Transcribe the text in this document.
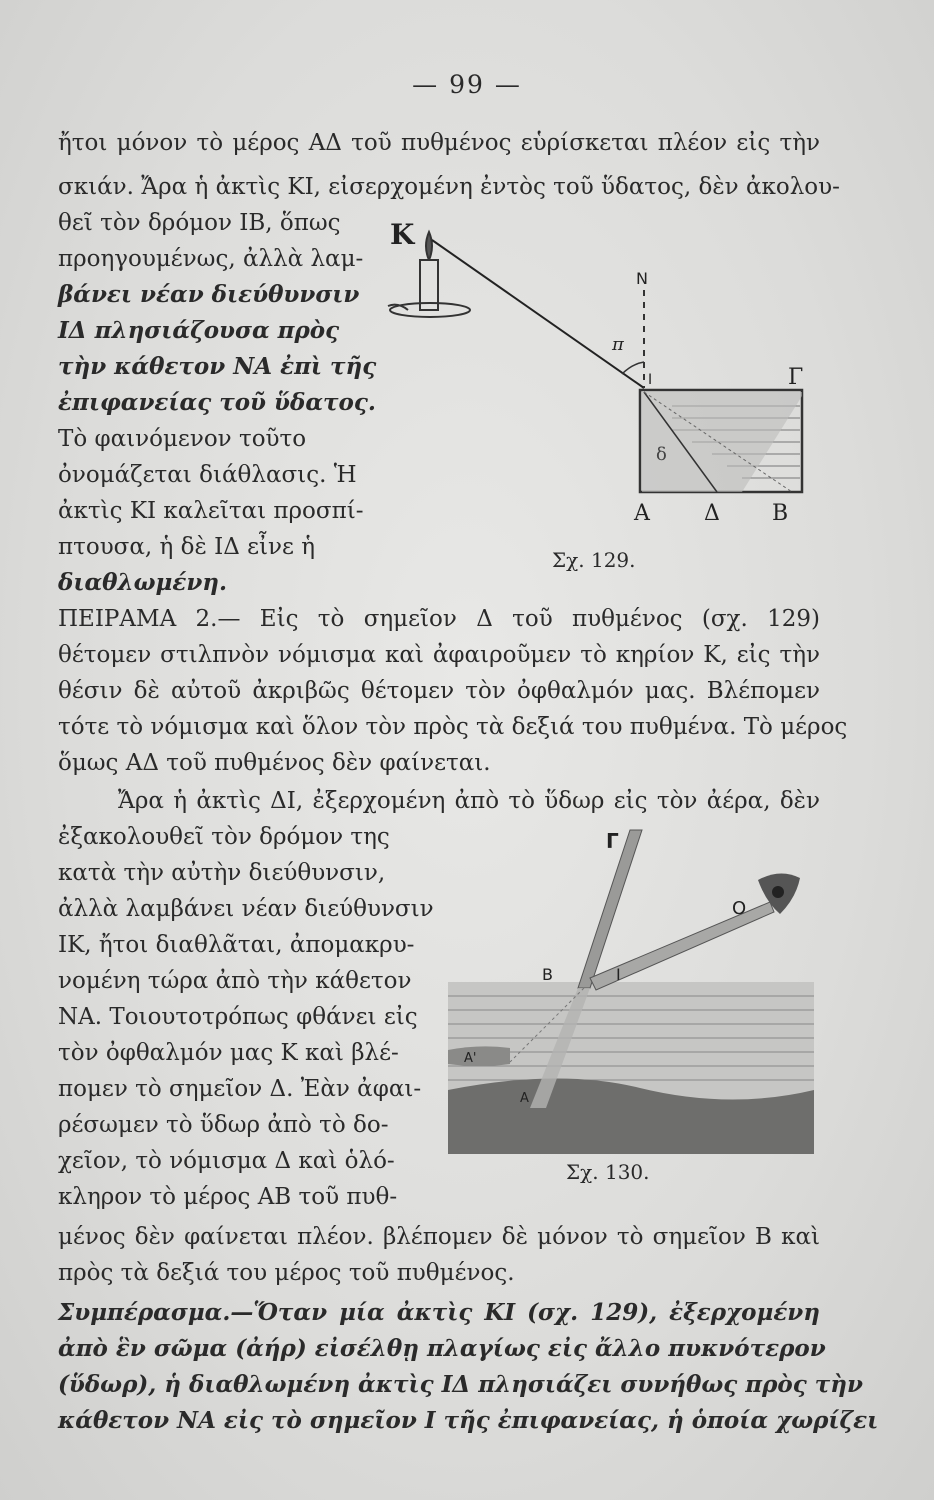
— 99 —
ἤτοι μόνον τὸ μέρος ΑΔ τοῦ πυθμένος εὑρίσκεται πλέον εἰς τὴν
σκιάν. Ἄρα ἡ ἀκτὶς ΚΙ, εἰσερχομένη ἐντὸς τοῦ ὕδατος, δὲν ἀκολου-
θεῖ τὸν δρόμον ΙΒ, ὅπως
προηγουμένως, ἀλλὰ λαμ-
βάνει νέαν διεύθυνσιν
ΙΔ πλησιάζουσα πρὸς
τὴν κάθετον ΝΑ ἐπὶ τῆς
ἐπιφανείας τοῦ ὕδατος.
Τὸ φαινόμενον τοῦτο
ὀνομάζεται διάθλασις. Ἡ
ἀκτὶς ΚΙ καλεῖται προσπί-
πτουσα, ἡ δὲ ΙΔ εἶνε ἡ
διαθλωμένη.
K
N
π
I	Γ
δ
Α Δ Β
Σχ. 129.
ΠΕΙΡΑΜΑ 2.— Εἰς τὸ σημεῖον Δ τοῦ πυθμένος (σχ. 129)
θέτομεν στιλπνὸν νόμισμα καὶ ἀφαιροῦμεν τὸ κηρίον Κ, εἰς τὴν
θέσιν δὲ αὐτοῦ ἀκριβῶς θέτομεν τὸν ὀφθαλμόν μας. Βλέπομεν
τότε τὸ νόμισμα καὶ ὅλον τὸν πρὸς τὰ δεξιά του πυθμένα. Τὸ μέρος
ὅμως ΑΔ τοῦ πυθμένος δὲν φαίνεται.
Ἄρα ἡ ἀκτὶς ΔΙ, ἐξερχομένη ἀπὸ τὸ ὕδωρ εἰς τὸν ἀέρα, δὲν
ἐξακολουθεῖ τὸν δρόμον της
κατὰ τὴν αὐτὴν διεύθυνσιν,
ἀλλὰ λαμβάνει νέαν διεύθυνσιν
ΙΚ, ἤτοι διαθλᾶται, ἀπομακρυ-
νομένη τώρα ἀπὸ τὴν κάθετον
ΝΑ. Τοιουτοτρόπως φθάνει εἰς
τὸν ὀφθαλμόν μας Κ καὶ βλέ-
πομεν τὸ σημεῖον Δ. Ἐὰν ἀφαι-
ρέσωμεν τὸ ὕδωρ ἀπὸ τὸ δο-
χεῖον, τὸ νόμισμα Δ καὶ ὁλό-
κληρον τὸ μέρος ΑΒ τοῦ πυθ-
μένος δὲν φαίνεται πλέον. βλέπομεν δὲ μόνον τὸ σημεῖον Β καὶ
πρὸς τὰ δεξιά του μέρος τοῦ πυθμένος.
Γ
O
B	I
A'
A
Σχ. 130.
Συμπέρασμα.—Ὅταν μία ἀκτὶς ΚΙ (σχ. 129), ἐξερχομένη
ἀπὸ ἓν σῶμα (ἀήρ) εἰσέλθῃ πλαγίως εἰς ἄλλο πυκνότερον
(ὕδωρ), ἡ διαθλωμένη ἀκτὶς ΙΔ πλησιάζει συνήθως πρὸς τὴν
κάθετον ΝΑ εἰς τὸ σημεῖον Ι τῆς ἐπιφανείας, ἡ ὁποία χωρίζει
